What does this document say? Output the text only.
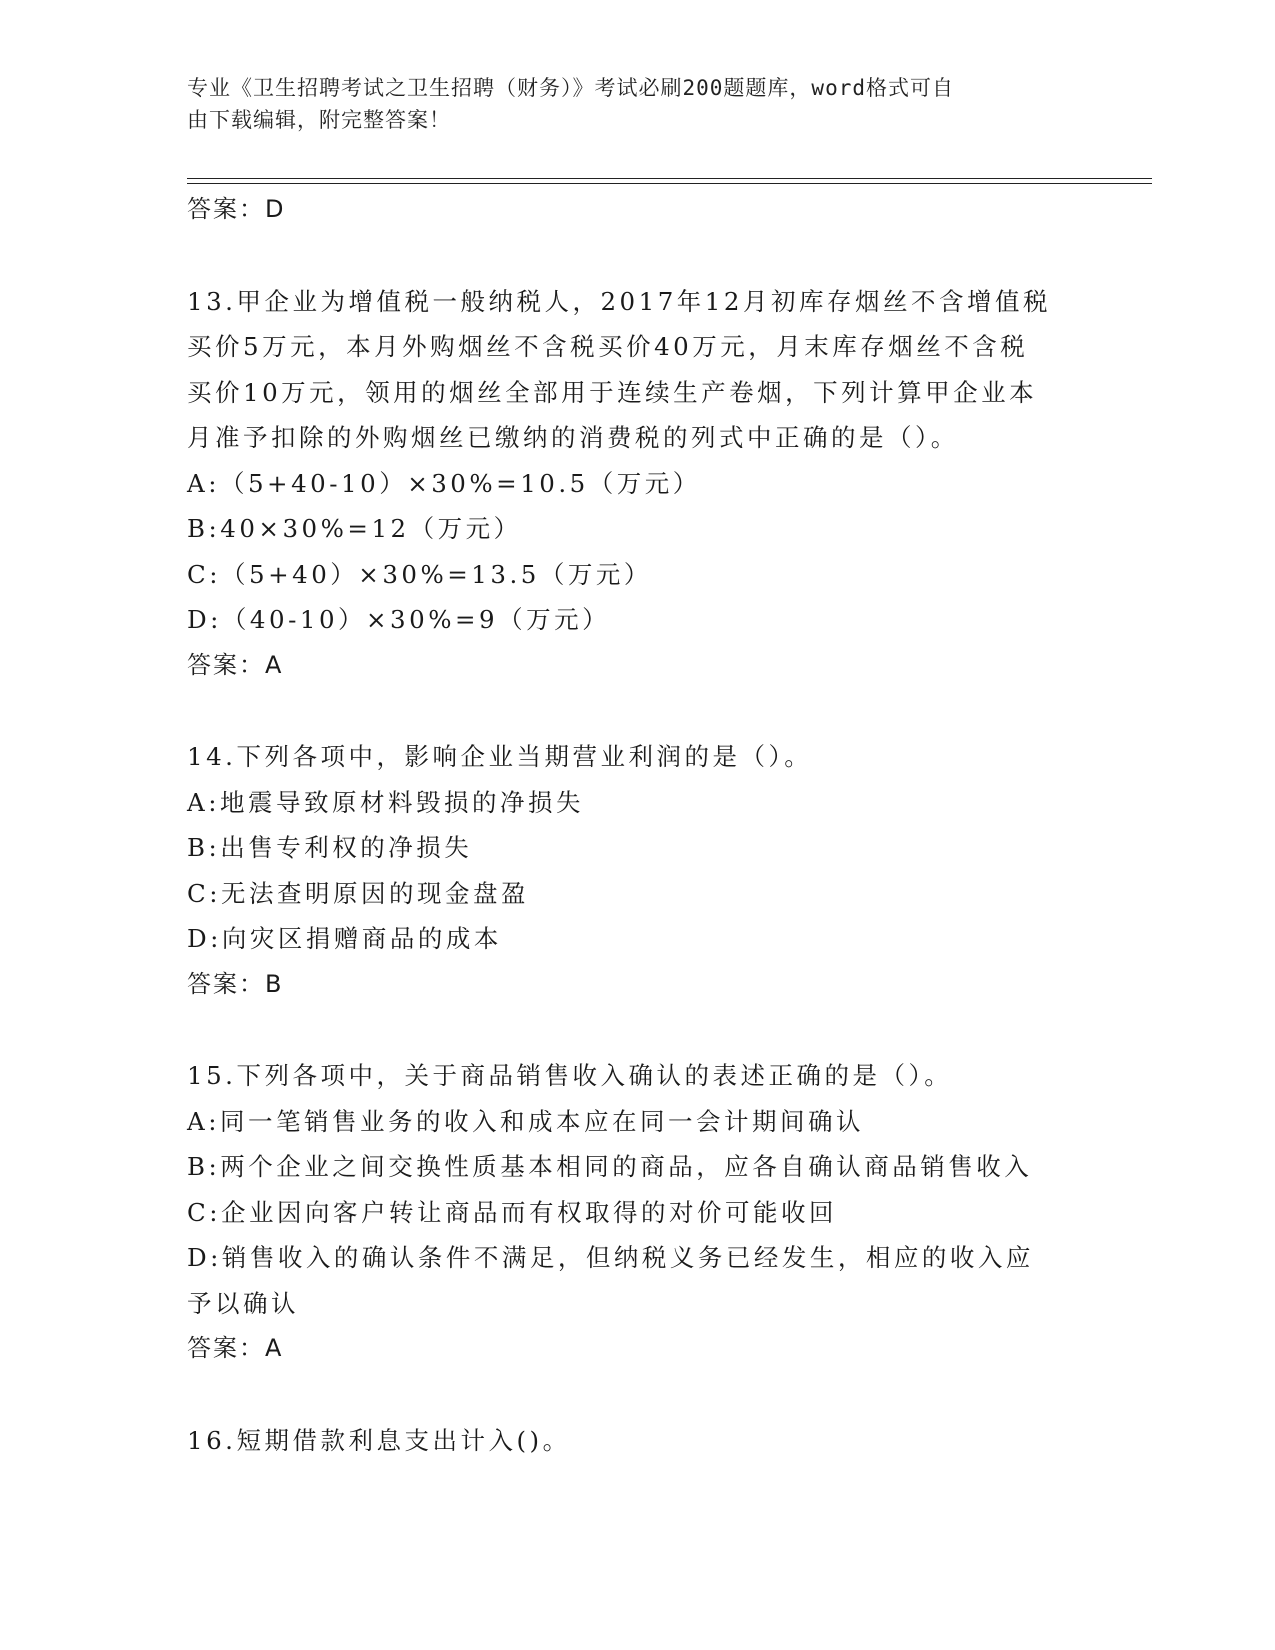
专业《卫生招聘考试之卫生招聘（财务）》考试必刷200题题库，word格式可自
由下载编辑，附完整答案！
答案：D
13.甲企业为增值税一般纳税人，2017年12月初库存烟丝不含增值税
买价5万元，本月外购烟丝不含税买价40万元，月末库存烟丝不含税
买价10万元，领用的烟丝全部用于连续生产卷烟，下列计算甲企业本
月准予扣除的外购烟丝已缴纳的消费税的列式中正确的是（）。
A:（5+40-10）×30%=10.5（万元）
B:40×30%=12（万元）
C:（5+40）×30%=13.5（万元）
D:（40-10）×30%=9（万元）
答案：A
14.下列各项中，影响企业当期营业利润的是（）。
A:地震导致原材料毁损的净损失
B:出售专利权的净损失
C:无法查明原因的现金盘盈
D:向灾区捐赠商品的成本
答案：B
15.下列各项中，关于商品销售收入确认的表述正确的是（）。
A:同一笔销售业务的收入和成本应在同一会计期间确认
B:两个企业之间交换性质基本相同的商品，应各自确认商品销售收入
C:企业因向客户转让商品而有权取得的对价可能收回
D:销售收入的确认条件不满足，但纳税义务已经发生，相应的收入应
予以确认
答案：A
16.短期借款利息支出计入()。
